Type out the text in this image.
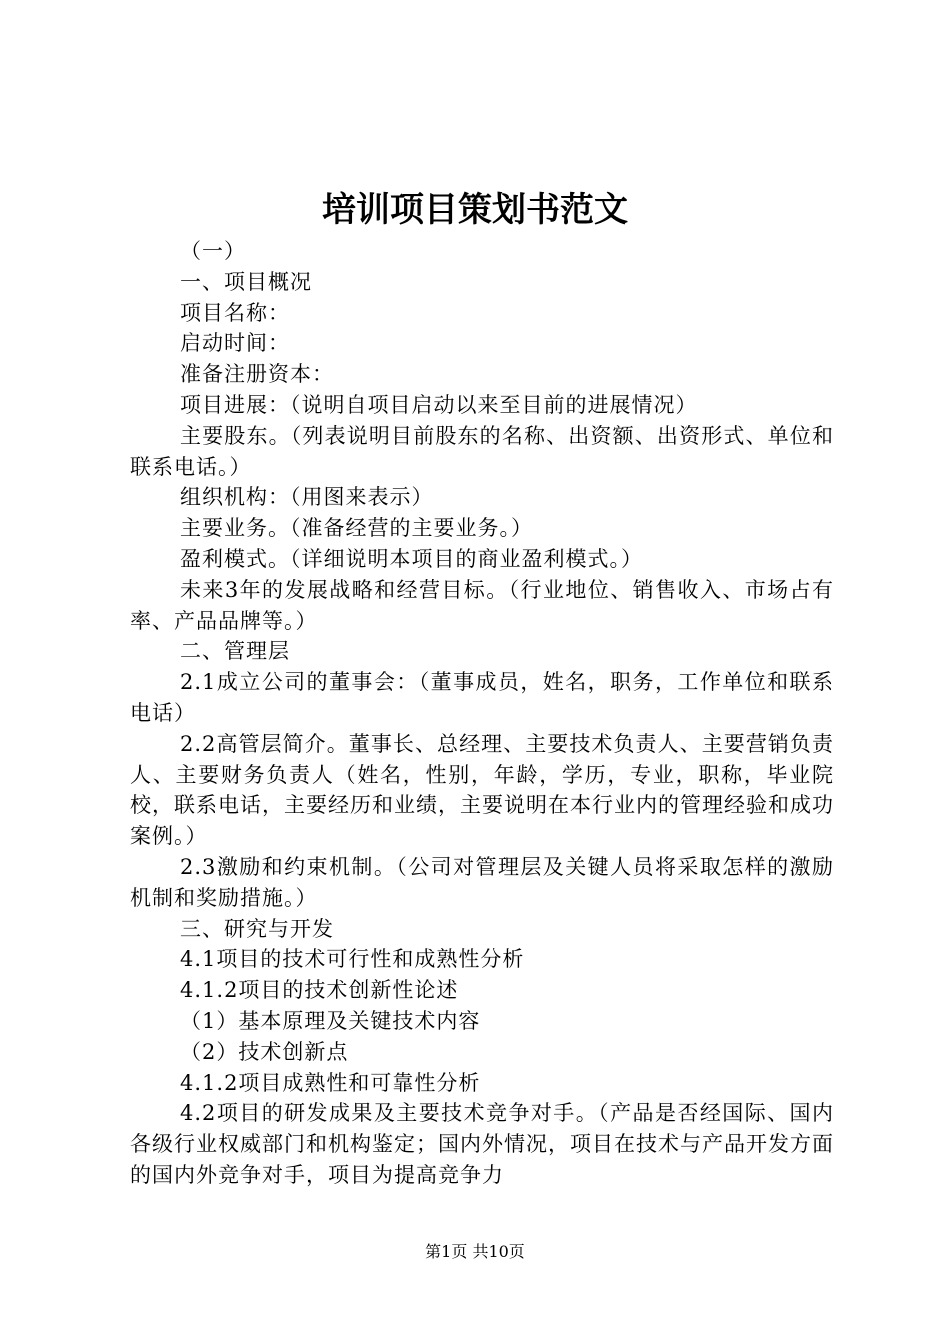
培训项目策划书范文

（一）

一、项目概况

项目名称：

启动时间：

准备注册资本：

项目进展：（说明自项目启动以来至目前的进展情况）

主要股东。（列表说明目前股东的名称、出资额、出资形式、单位和联系电话。）

组织机构：（用图来表示）

主要业务。（准备经营的主要业务。）

盈利模式。（详细说明本项目的商业盈利模式。）

未来3年的发展战略和经营目标。（行业地位、销售收入、市场占有率、产品品牌等。）

二、管理层

2.1成立公司的董事会：（董事成员，姓名，职务，工作单位和联系电话）

2.2高管层简介。董事长、总经理、主要技术负责人、主要营销负责人、主要财务负责人（姓名，性别，年龄，学历，专业，职称，毕业院校，联系电话，主要经历和业绩，主要说明在本行业内的管理经验和成功案例。）

2.3激励和约束机制。（公司对管理层及关键人员将采取怎样的激励机制和奖励措施。）

三、研究与开发

4.1项目的技术可行性和成熟性分析

4.1.2项目的技术创新性论述

（1）基本原理及关键技术内容

（2）技术创新点

4.1.2项目成熟性和可靠性分析

4.2项目的研发成果及主要技术竞争对手。（产品是否经国际、国内各级行业权威部门和机构鉴定；国内外情况，项目在技术与产品开发方面的国内外竞争对手，项目为提高竞争力

第1页 共10页
